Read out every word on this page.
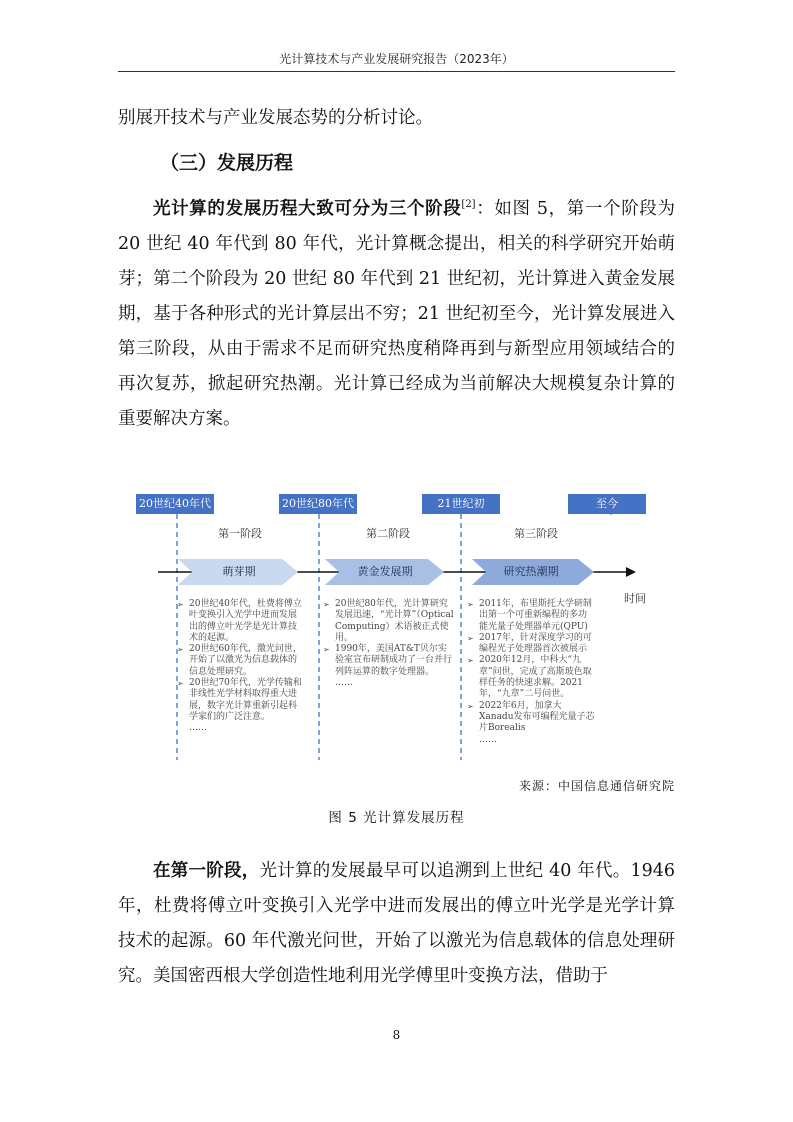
光计算技术与产业发展研究报告（2023年）

别展开技术与产业发展态势的分析讨论。

（三）发展历程

光计算的发展历程大致可分为三个阶段[2]：如图 5，第一个阶段为 20 世纪 40 年代到 80 年代，光计算概念提出，相关的科学研究开始萌芽；第二个阶段为 20 世纪 80 年代到 21 世纪初，光计算进入黄金发展期，基于各种形式的光计算层出不穷；21 世纪初至今，光计算发展进入第三阶段，从由于需求不足而研究热度稍降再到与新型应用领域结合的再次复苏，掀起研究热潮。光计算已经成为当前解决大规模复杂计算的重要解决方案。

20世纪40年代	20世纪80年代	21世纪初	至今
第一阶段	第二阶段	第三阶段
萌芽期	黄金发展期	研究热潮期
时间
➢ 20世纪40年代，杜费将傅立叶变换引入光学中进而发展出的傅立叶光学是光计算技术的起源。
➢ 20世纪60年代，激光问世，开始了以激光为信息载体的信息处理研究。
➢ 20世纪70年代，光学传输和非线性光学材料取得重大进展，数字光计算重新引起科学家们的广泛注意。
……
➢ 20世纪80年代，光计算研究发展迅速，“光计算”（Optical Computing）术语被正式使用。
➢ 1990年，美国AT&T贝尔实验室宣布研制成功了一台并行列阵运算的数字处理器。
……
➢ 2011年，布里斯托大学研制出第一个可重新编程的多功能光量子处理器单元(QPU)
➢ 2017年，针对深度学习的可编程光子处理器首次被展示
➢ 2020年12月，中科大“九章”问世，完成了高斯玻色取样任务的快速求解。2021年，“九章”二号问世。
➢ 2022年6月，加拿大Xanadu发布可编程光量子芯片Borealis
……
来源：中国信息通信研究院
图 5 光计算发展历程

在第一阶段，光计算的发展最早可以追溯到上世纪 40 年代。1946 年，杜费将傅立叶变换引入光学中进而发展出的傅立叶光学是光学计算技术的起源。60 年代激光问世，开始了以激光为信息载体的信息处理研究。美国密西根大学创造性地利用光学傅里叶变换方法，借助于

8
